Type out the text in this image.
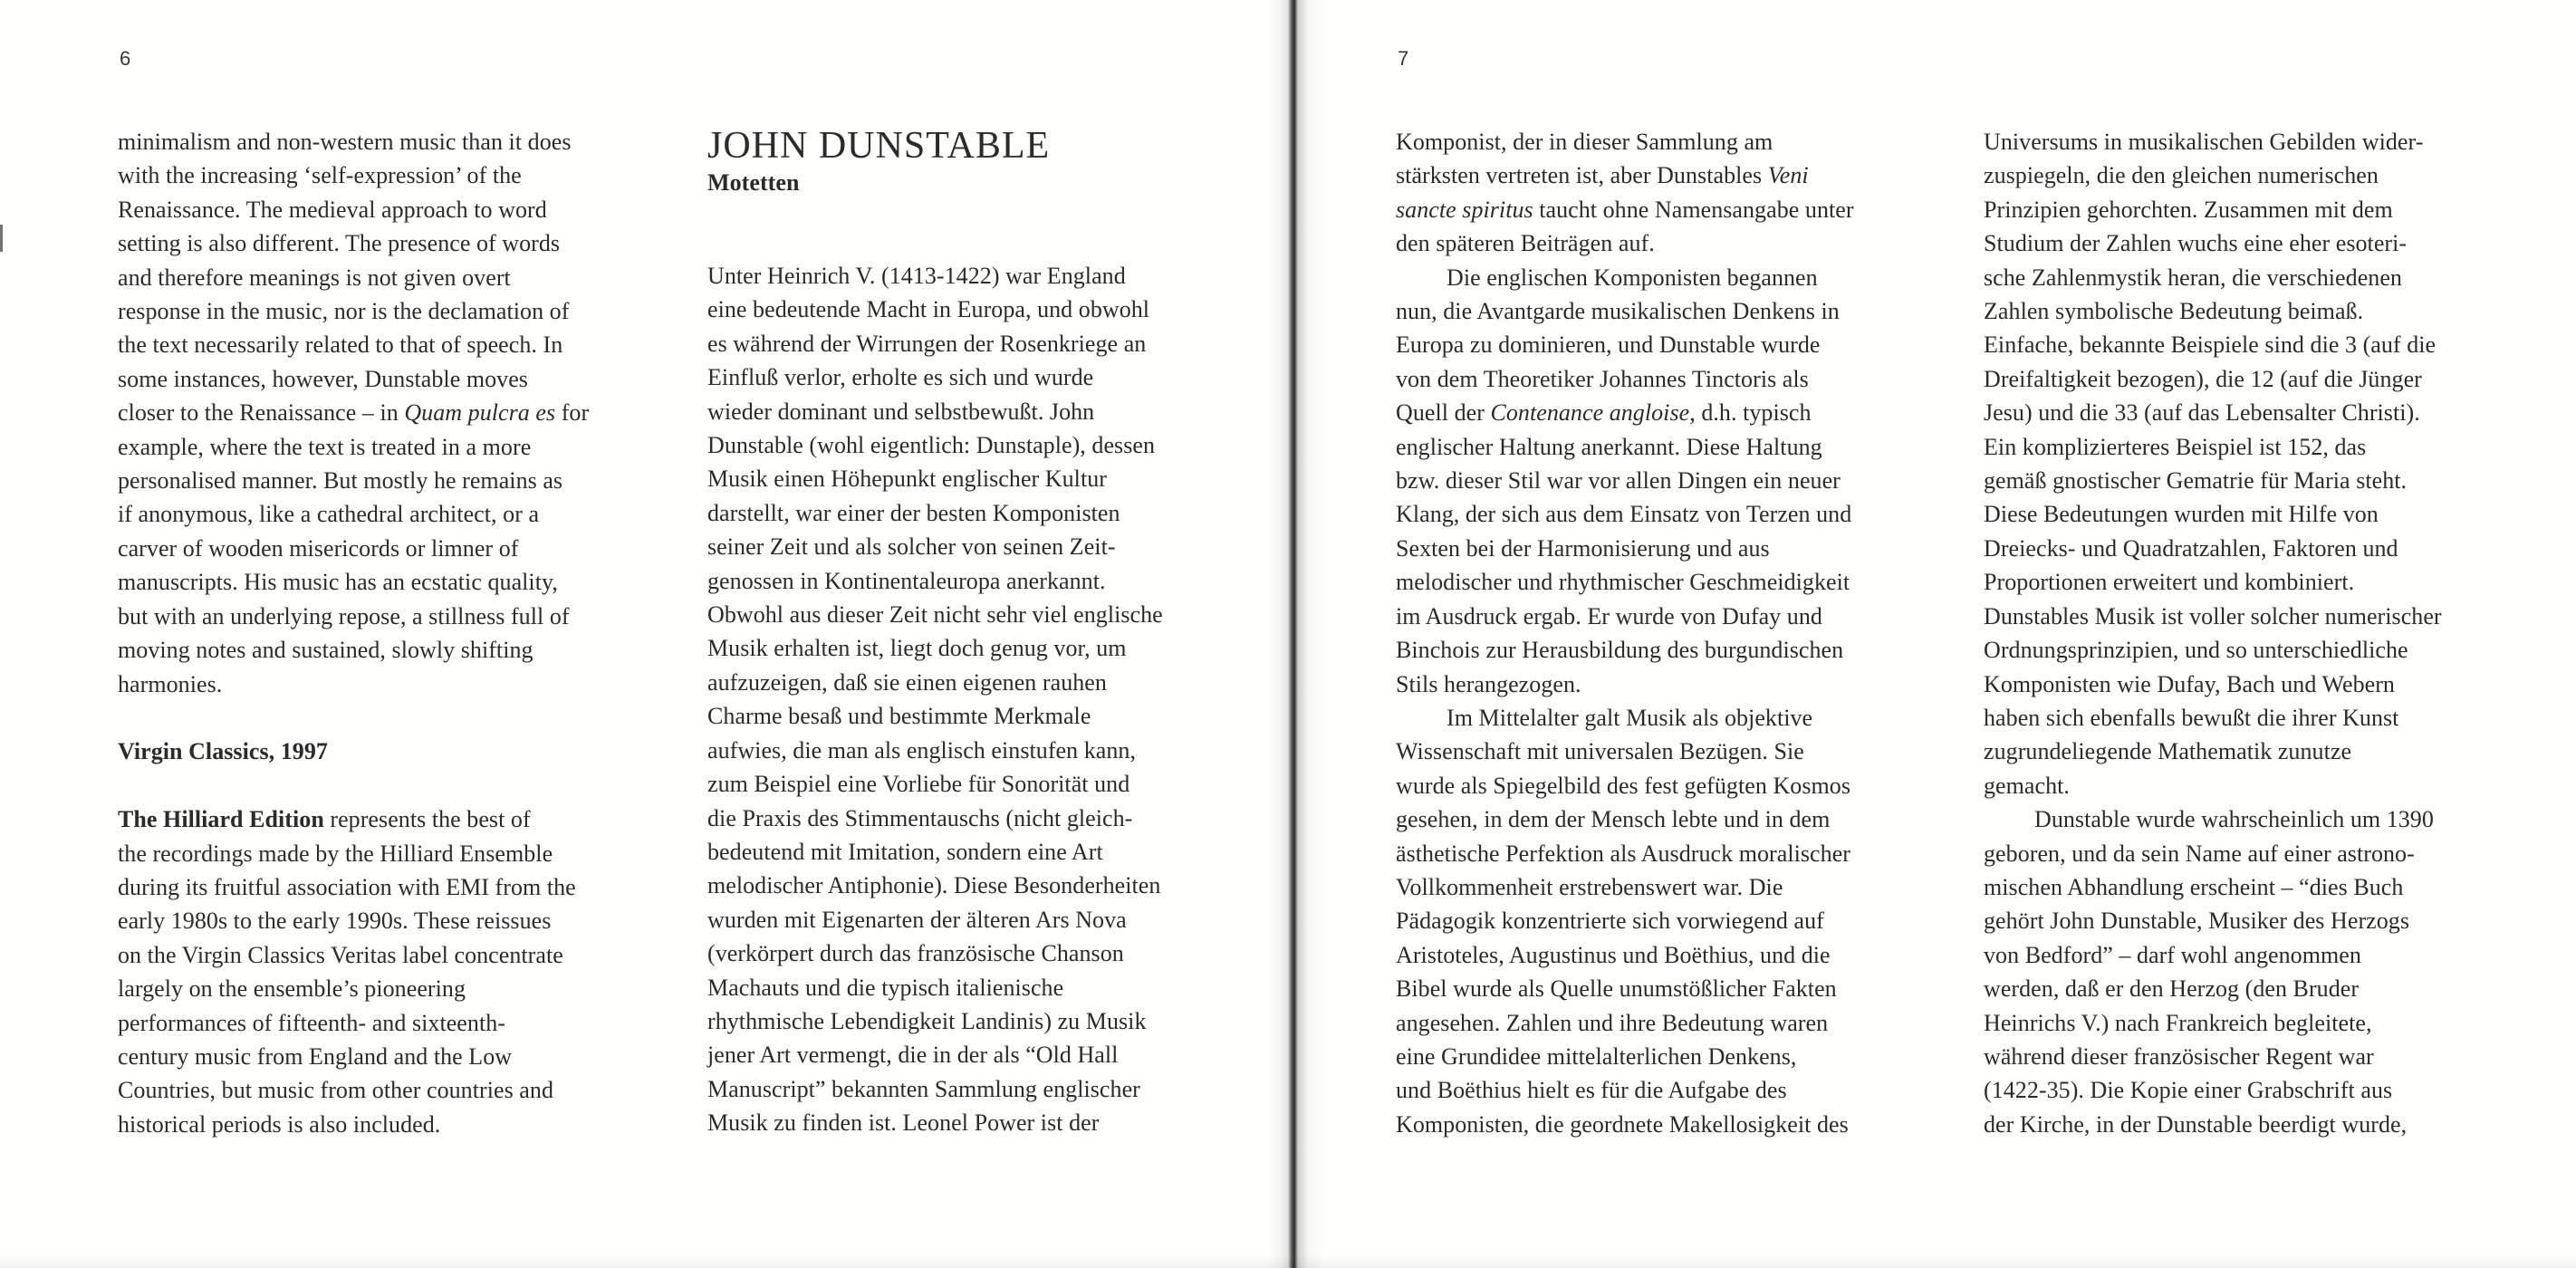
6

minimalism and non-western music than it does
with the increasing ‘self-expression’ of the
Renaissance. The medieval approach to word
setting is also different. The presence of words
and therefore meanings is not given overt
response in the music, nor is the declamation of
the text necessarily related to that of speech. In
some instances, however, Dunstable moves
closer to the Renaissance – in Quam pulcra es for
example, where the text is treated in a more
personalised manner. But mostly he remains as
if anonymous, like a cathedral architect, or a
carver of wooden misericords or limner of
manuscripts. His music has an ecstatic quality,
but with an underlying repose, a stillness full of
moving notes and sustained, slowly shifting
harmonies.

Virgin Classics, 1997

The Hilliard Edition represents the best of
the recordings made by the Hilliard Ensemble
during its fruitful association with EMI from the
early 1980s to the early 1990s. These reissues
on the Virgin Classics Veritas label concentrate
largely on the ensemble’s pioneering
performances of fifteenth- and sixteenth-
century music from England and the Low
Countries, but music from other countries and
historical periods is also included.

JOHN DUNSTABLE
Motetten

Unter Heinrich V. (1413-1422) war England
eine bedeutende Macht in Europa, und obwohl
es während der Wirrungen der Rosenkriege an
Einfluß verlor, erholte es sich und wurde
wieder dominant und selbstbewußt. John
Dunstable (wohl eigentlich: Dunstaple), dessen
Musik einen Höhepunkt englischer Kultur
darstellt, war einer der besten Komponisten
seiner Zeit und als solcher von seinen Zeit-
genossen in Kontinentaleuropa anerkannt.
Obwohl aus dieser Zeit nicht sehr viel englische
Musik erhalten ist, liegt doch genug vor, um
aufzuzeigen, daß sie einen eigenen rauhen
Charme besaß und bestimmte Merkmale
aufwies, die man als englisch einstufen kann,
zum Beispiel eine Vorliebe für Sonorität und
die Praxis des Stimmentauschs (nicht gleich-
bedeutend mit Imitation, sondern eine Art
melodischer Antiphonie). Diese Besonderheiten
wurden mit Eigenarten der älteren Ars Nova
(verkörpert durch das französische Chanson
Machauts und die typisch italienische
rhythmische Lebendigkeit Landinis) zu Musik
jener Art vermengt, die in der als “Old Hall
Manuscript” bekannten Sammlung englischer
Musik zu finden ist. Leonel Power ist der

7

Komponist, der in dieser Sammlung am
stärksten vertreten ist, aber Dunstables Veni
sancte spiritus taucht ohne Namensangabe unter
den späteren Beiträgen auf.

Die englischen Komponisten begannen
nun, die Avantgarde musikalischen Denkens in
Europa zu dominieren, und Dunstable wurde
von dem Theoretiker Johannes Tinctoris als
Quell der Contenance angloise, d.h. typisch
englischer Haltung anerkannt. Diese Haltung
bzw. dieser Stil war vor allen Dingen ein neuer
Klang, der sich aus dem Einsatz von Terzen und
Sexten bei der Harmonisierung und aus
melodischer und rhythmischer Geschmeidigkeit
im Ausdruck ergab. Er wurde von Dufay und
Binchois zur Herausbildung des burgundischen
Stils herangezogen.

Im Mittelalter galt Musik als objektive
Wissenschaft mit universalen Bezügen. Sie
wurde als Spiegelbild des fest gefügten Kosmos
gesehen, in dem der Mensch lebte und in dem
ästhetische Perfektion als Ausdruck moralischer
Vollkommenheit erstrebenswert war. Die
Pädagogik konzentrierte sich vorwiegend auf
Aristoteles, Augustinus und Boëthius, und die
Bibel wurde als Quelle unumstößlicher Fakten
angesehen. Zahlen und ihre Bedeutung waren
eine Grundidee mittelalterlichen Denkens,
und Boëthius hielt es für die Aufgabe des
Komponisten, die geordnete Makellosigkeit des

Universums in musikalischen Gebilden wider-
zuspiegeln, die den gleichen numerischen
Prinzipien gehorchten. Zusammen mit dem
Studium der Zahlen wuchs eine eher esoteri-
sche Zahlenmystik heran, die verschiedenen
Zahlen symbolische Bedeutung beimaß.
Einfache, bekannte Beispiele sind die 3 (auf die
Dreifaltigkeit bezogen), die 12 (auf die Jünger
Jesu) und die 33 (auf das Lebensalter Christi).
Ein komplizierteres Beispiel ist 152, das
gemäß gnostischer Gematrie für Maria steht.
Diese Bedeutungen wurden mit Hilfe von
Dreiecks- und Quadratzahlen, Faktoren und
Proportionen erweitert und kombiniert.
Dunstables Musik ist voller solcher numerischer
Ordnungsprinzipien, und so unterschiedliche
Komponisten wie Dufay, Bach und Webern
haben sich ebenfalls bewußt die ihrer Kunst
zugrundeliegende Mathematik zunutze
gemacht.

Dunstable wurde wahrscheinlich um 1390
geboren, und da sein Name auf einer astrono-
mischen Abhandlung erscheint – “dies Buch
gehört John Dunstable, Musiker des Herzogs
von Bedford” – darf wohl angenommen
werden, daß er den Herzog (den Bruder
Heinrichs V.) nach Frankreich begleitete,
während dieser französischer Regent war
(1422-35). Die Kopie einer Grabschrift aus
der Kirche, in der Dunstable beerdigt wurde,
